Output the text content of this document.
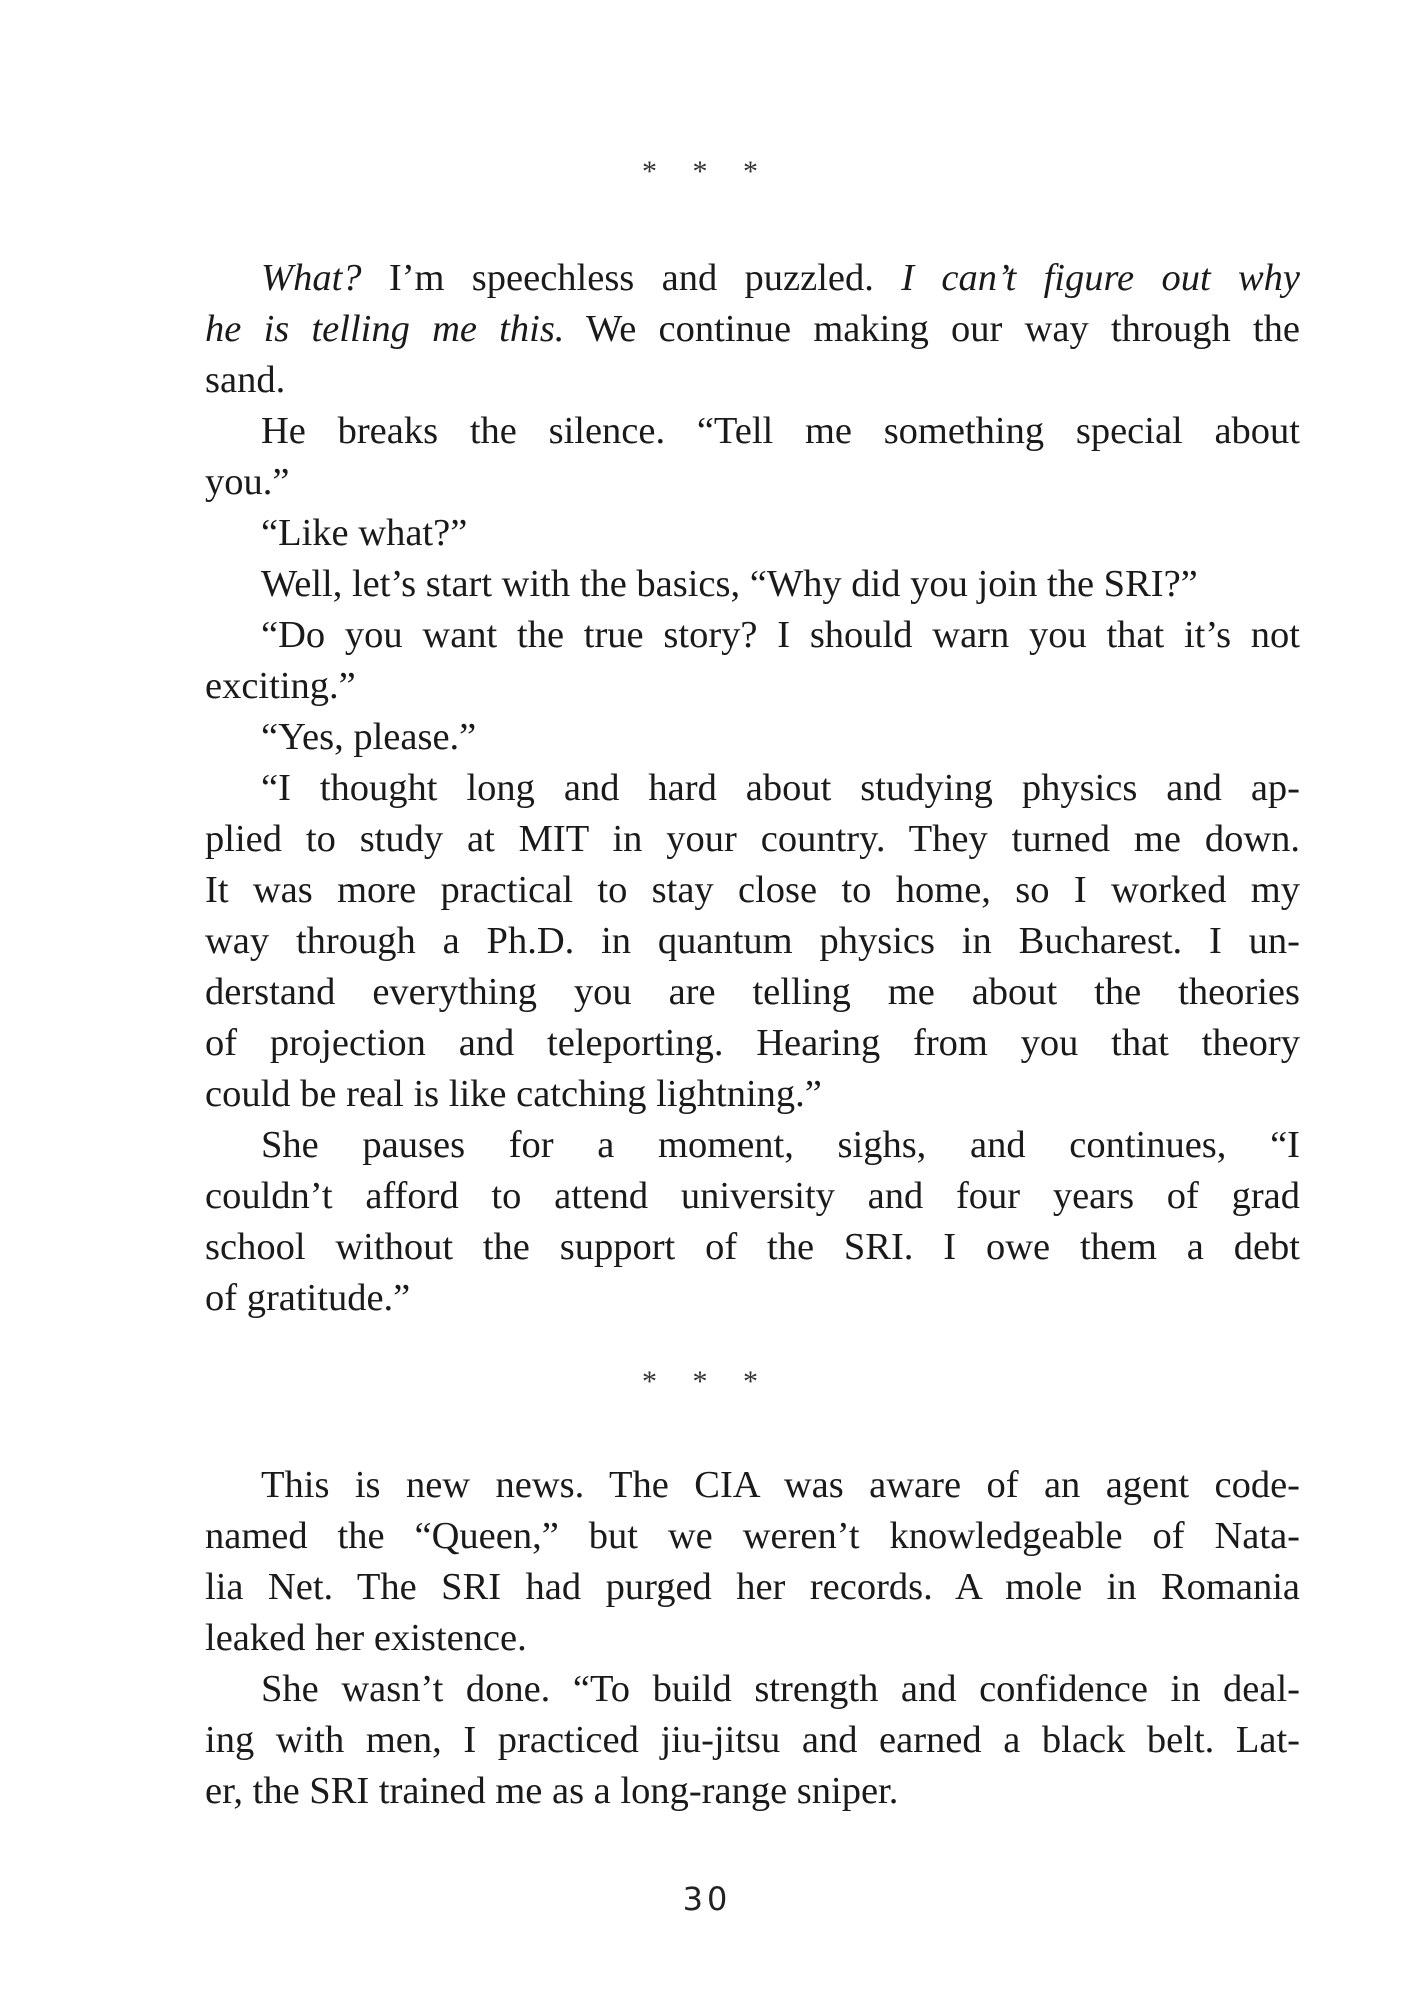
* * *
What? I’m speechless and puzzled. I can’t figure out why
he is telling me this. We continue making our way through the
sand.
He breaks the silence. “Tell me something special about
you.”
“Like what?”
Well, let’s start with the basics, “Why did you join the SRI?”
“Do you want the true story? I should warn you that it’s not
exciting.”
“Yes, please.”
“I thought long and hard about studying physics and ap-
plied to study at MIT in your country. They turned me down.
It was more practical to stay close to home, so I worked my
way through a Ph.D. in quantum physics in Bucharest. I un-
derstand everything you are telling me about the theories
of projection and teleporting. Hearing from you that theory
could be real is like catching lightning.”
She pauses for a moment, sighs, and continues, “I
couldn’t afford to attend university and four years of grad
school without the support of the SRI. I owe them a debt
of gratitude.”
* * *
This is new news. The CIA was aware of an agent code-
named the “Queen,” but we weren’t knowledgeable of Nata-
lia Net. The SRI had purged her records. A mole in Romania
leaked her existence.
She wasn’t done. “To build strength and confidence in deal-
ing with men, I practiced jiu-jitsu and earned a black belt. Lat-
er, the SRI trained me as a long-range sniper.
30
